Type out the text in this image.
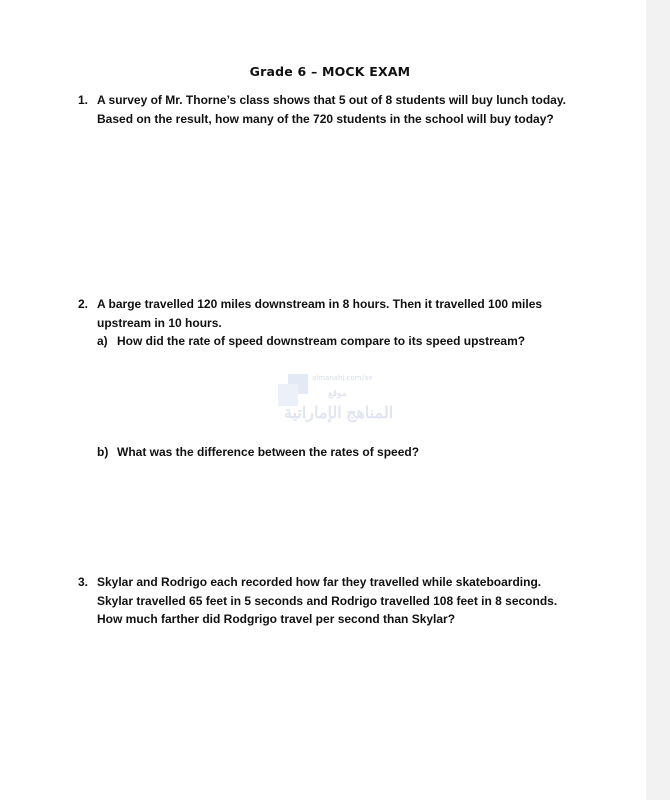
Grade 6 – MOCK EXAM
1. A survey of Mr. Thorne’s class shows that 5 out of 8 students will buy lunch today. Based on the result, how many of the 720 students in the school will buy today?
2. A barge travelled 120 miles downstream in 8 hours. Then it travelled 100 miles upstream in 10 hours.
a) How did the rate of speed downstream compare to its speed upstream?
almanahj.com/ae
موقع
المناهج الإماراتية
b) What was the difference between the rates of speed?
3. Skylar and Rodrigo each recorded how far they travelled while skateboarding. Skylar travelled 65 feet in 5 seconds and Rodrigo travelled 108 feet in 8 seconds. How much farther did Rodgrigo travel per second than Skylar?
